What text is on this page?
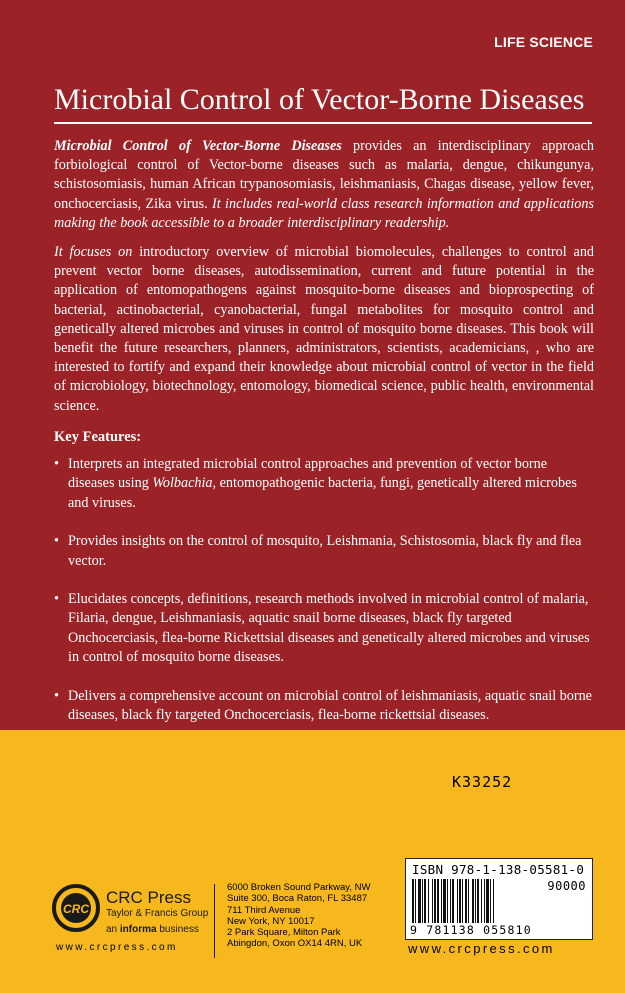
LIFE SCIENCE
Microbial Control of Vector-Borne Diseases
Microbial Control of Vector-Borne Diseases provides an interdisciplinary approach forbiological control of Vector-borne diseases such as malaria, dengue, chikungunya, schistosomiasis, human African trypanosomiasis, leishmaniasis, Chagas disease, yellow fever, onchocerciasis, Zika virus. It includes real-world class research information and applications making the book accessible to a broader interdisciplinary readership.
It focuses on introductory overview of microbial biomolecules, challenges to control and prevent vector borne diseases, autodissemination, current and future potential in the application of entomopathogens against mosquito-borne diseases and bioprospecting of bacterial, actinobacterial, cyanobacterial, fungal metabolites for mosquito control and genetically altered microbes and viruses in control of mosquito borne diseases. This book will benefit the future researchers, planners, administrators, scientists, academicians, , who are interested to fortify and expand their knowledge about microbial control of vector in the field of microbiology, biotechnology, entomology, biomedical science, public health, environmental science.
Key Features:
• Interprets an integrated microbial control approaches and prevention of vector borne diseases using Wolbachia, entomopathogenic bacteria, fungi, genetically altered microbes and viruses.
• Provides insights on the control of mosquito, Leishmania, Schistosomia, black fly and flea vector.
• Elucidates concepts, definitions, research methods involved in microbial control of malaria, Filaria, dengue, Leishmaniasis, aquatic snail borne diseases, black fly targeted Onchocerciasis, flea-borne Rickettsial diseases and genetically altered microbes and viruses in control of mosquito borne diseases.
• Delivers a comprehensive account on microbial control of leishmaniasis, aquatic snail borne diseases, black fly targeted Onchocerciasis, flea-borne rickettsial diseases.
K33252
ISBN 978-1-138-05581-0
90000
9 781138 055810
CRC
CRC Press
Taylor & Francis Group
an informa business
www.crcpress.com
6000 Broken Sound Parkway, NW
Suite 300, Boca Raton, FL 33487
711 Third Avenue
New York, NY 10017
2 Park Square, Milton Park
Abingdon, Oxon OX14 4RN, UK	www.crcpress.com
